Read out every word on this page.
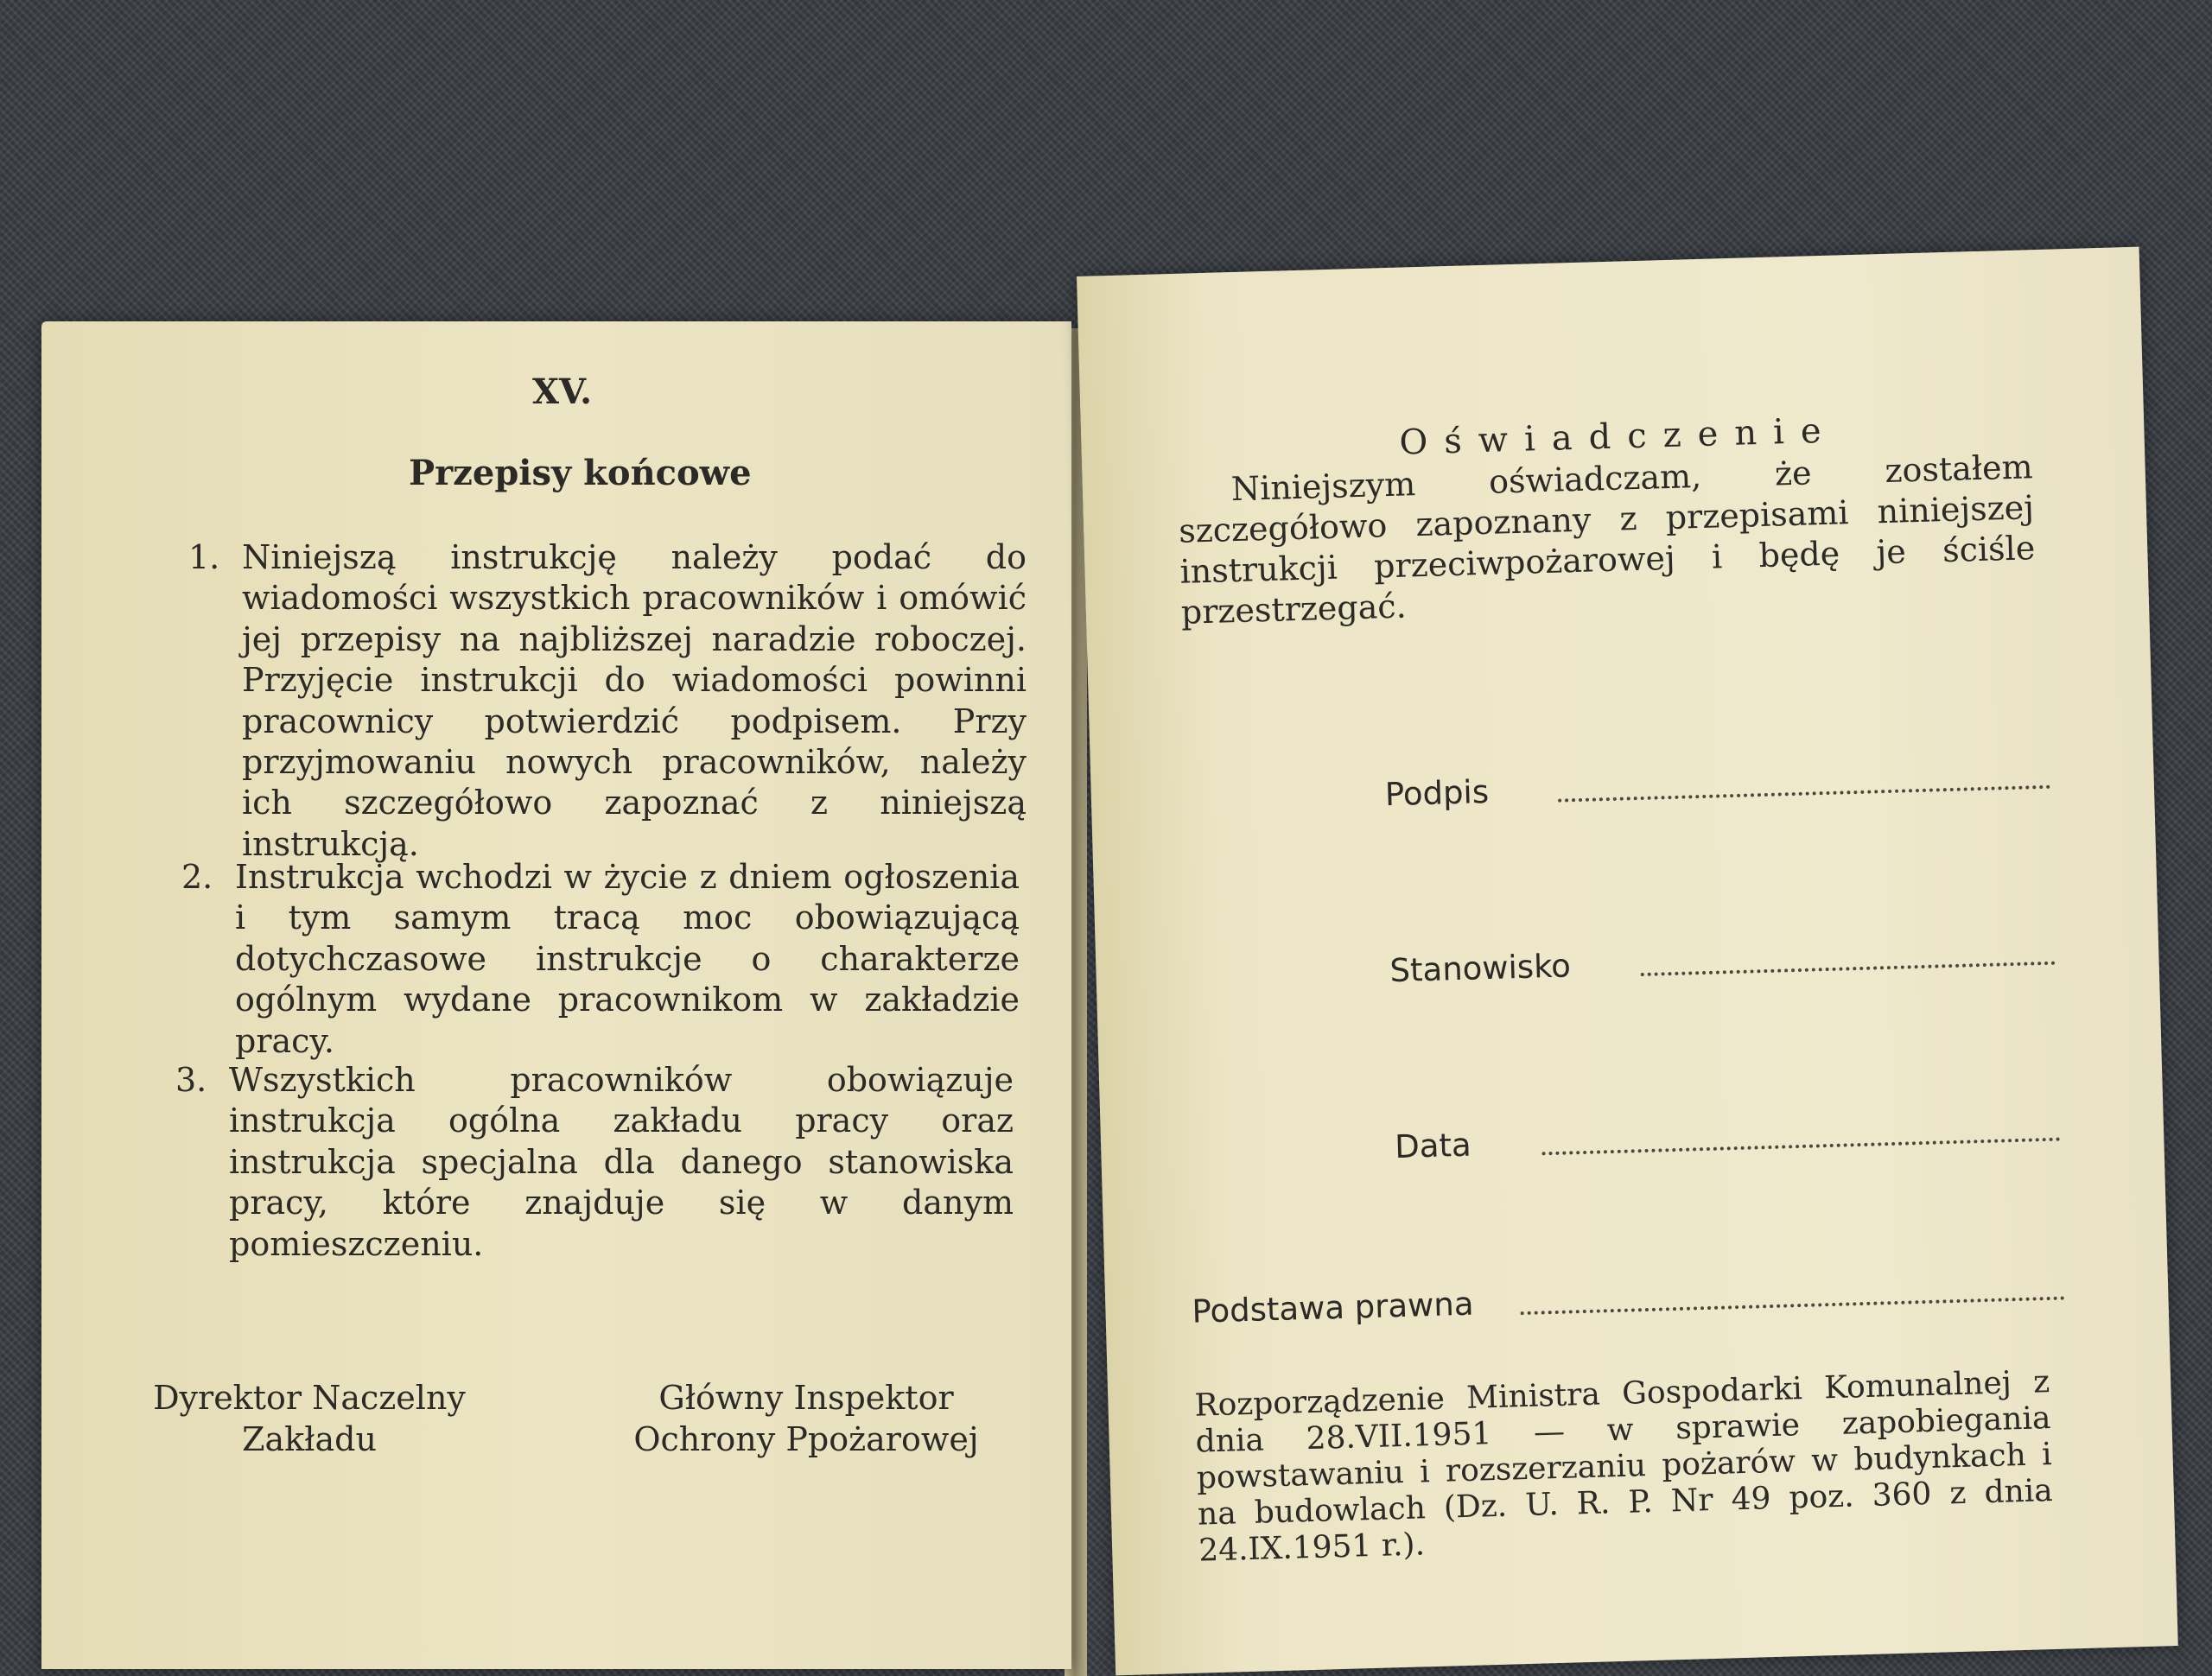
XV.
Przepisy końcowe
1. Niniejszą instrukcję należy podać do wiadomości wszystkich pracowników i omówić jej przepisy na najbliższej naradzie roboczej. Przyjęcie instrukcji do wiadomości powinni pracownicy potwierdzić podpisem. Przy przyjmowaniu nowych pracowników, należy ich szczegółowo zapoznać z niniejszą instrukcją.
2. Instrukcja wchodzi w życie z dniem ogłoszenia i tym samym tracą moc obowiązującą dotychczasowe instrukcje o charakterze ogólnym wydane pracownikom w zakładzie pracy.
3. Wszystkich pracowników obowiązuje instrukcja ogólna zakładu pracy oraz instrukcja specjalna dla danego stanowiska pracy, które znajduje się w danym pomieszczeniu.
Dyrektor Naczelny
Zakładu
Główny Inspektor
Ochrony Ppożarowej
Oświadczenie
Niniejszym oświadczam, że zostałem szczegółowo zapoznany z przepisami niniejszej instrukcji przeciwpożarowej i będę je ściśle przestrzegać.
Podpis
Stanowisko
Data
Podstawa prawna
Rozporządzenie Ministra Gospodarki Komunalnej z dnia 28.VII.1951 — w sprawie zapobiegania powstawaniu i rozszerzaniu pożarów w budynkach i na budowlach (Dz. U. R. P. Nr 49 poz. 360 z dnia 24.IX.1951 r.).
